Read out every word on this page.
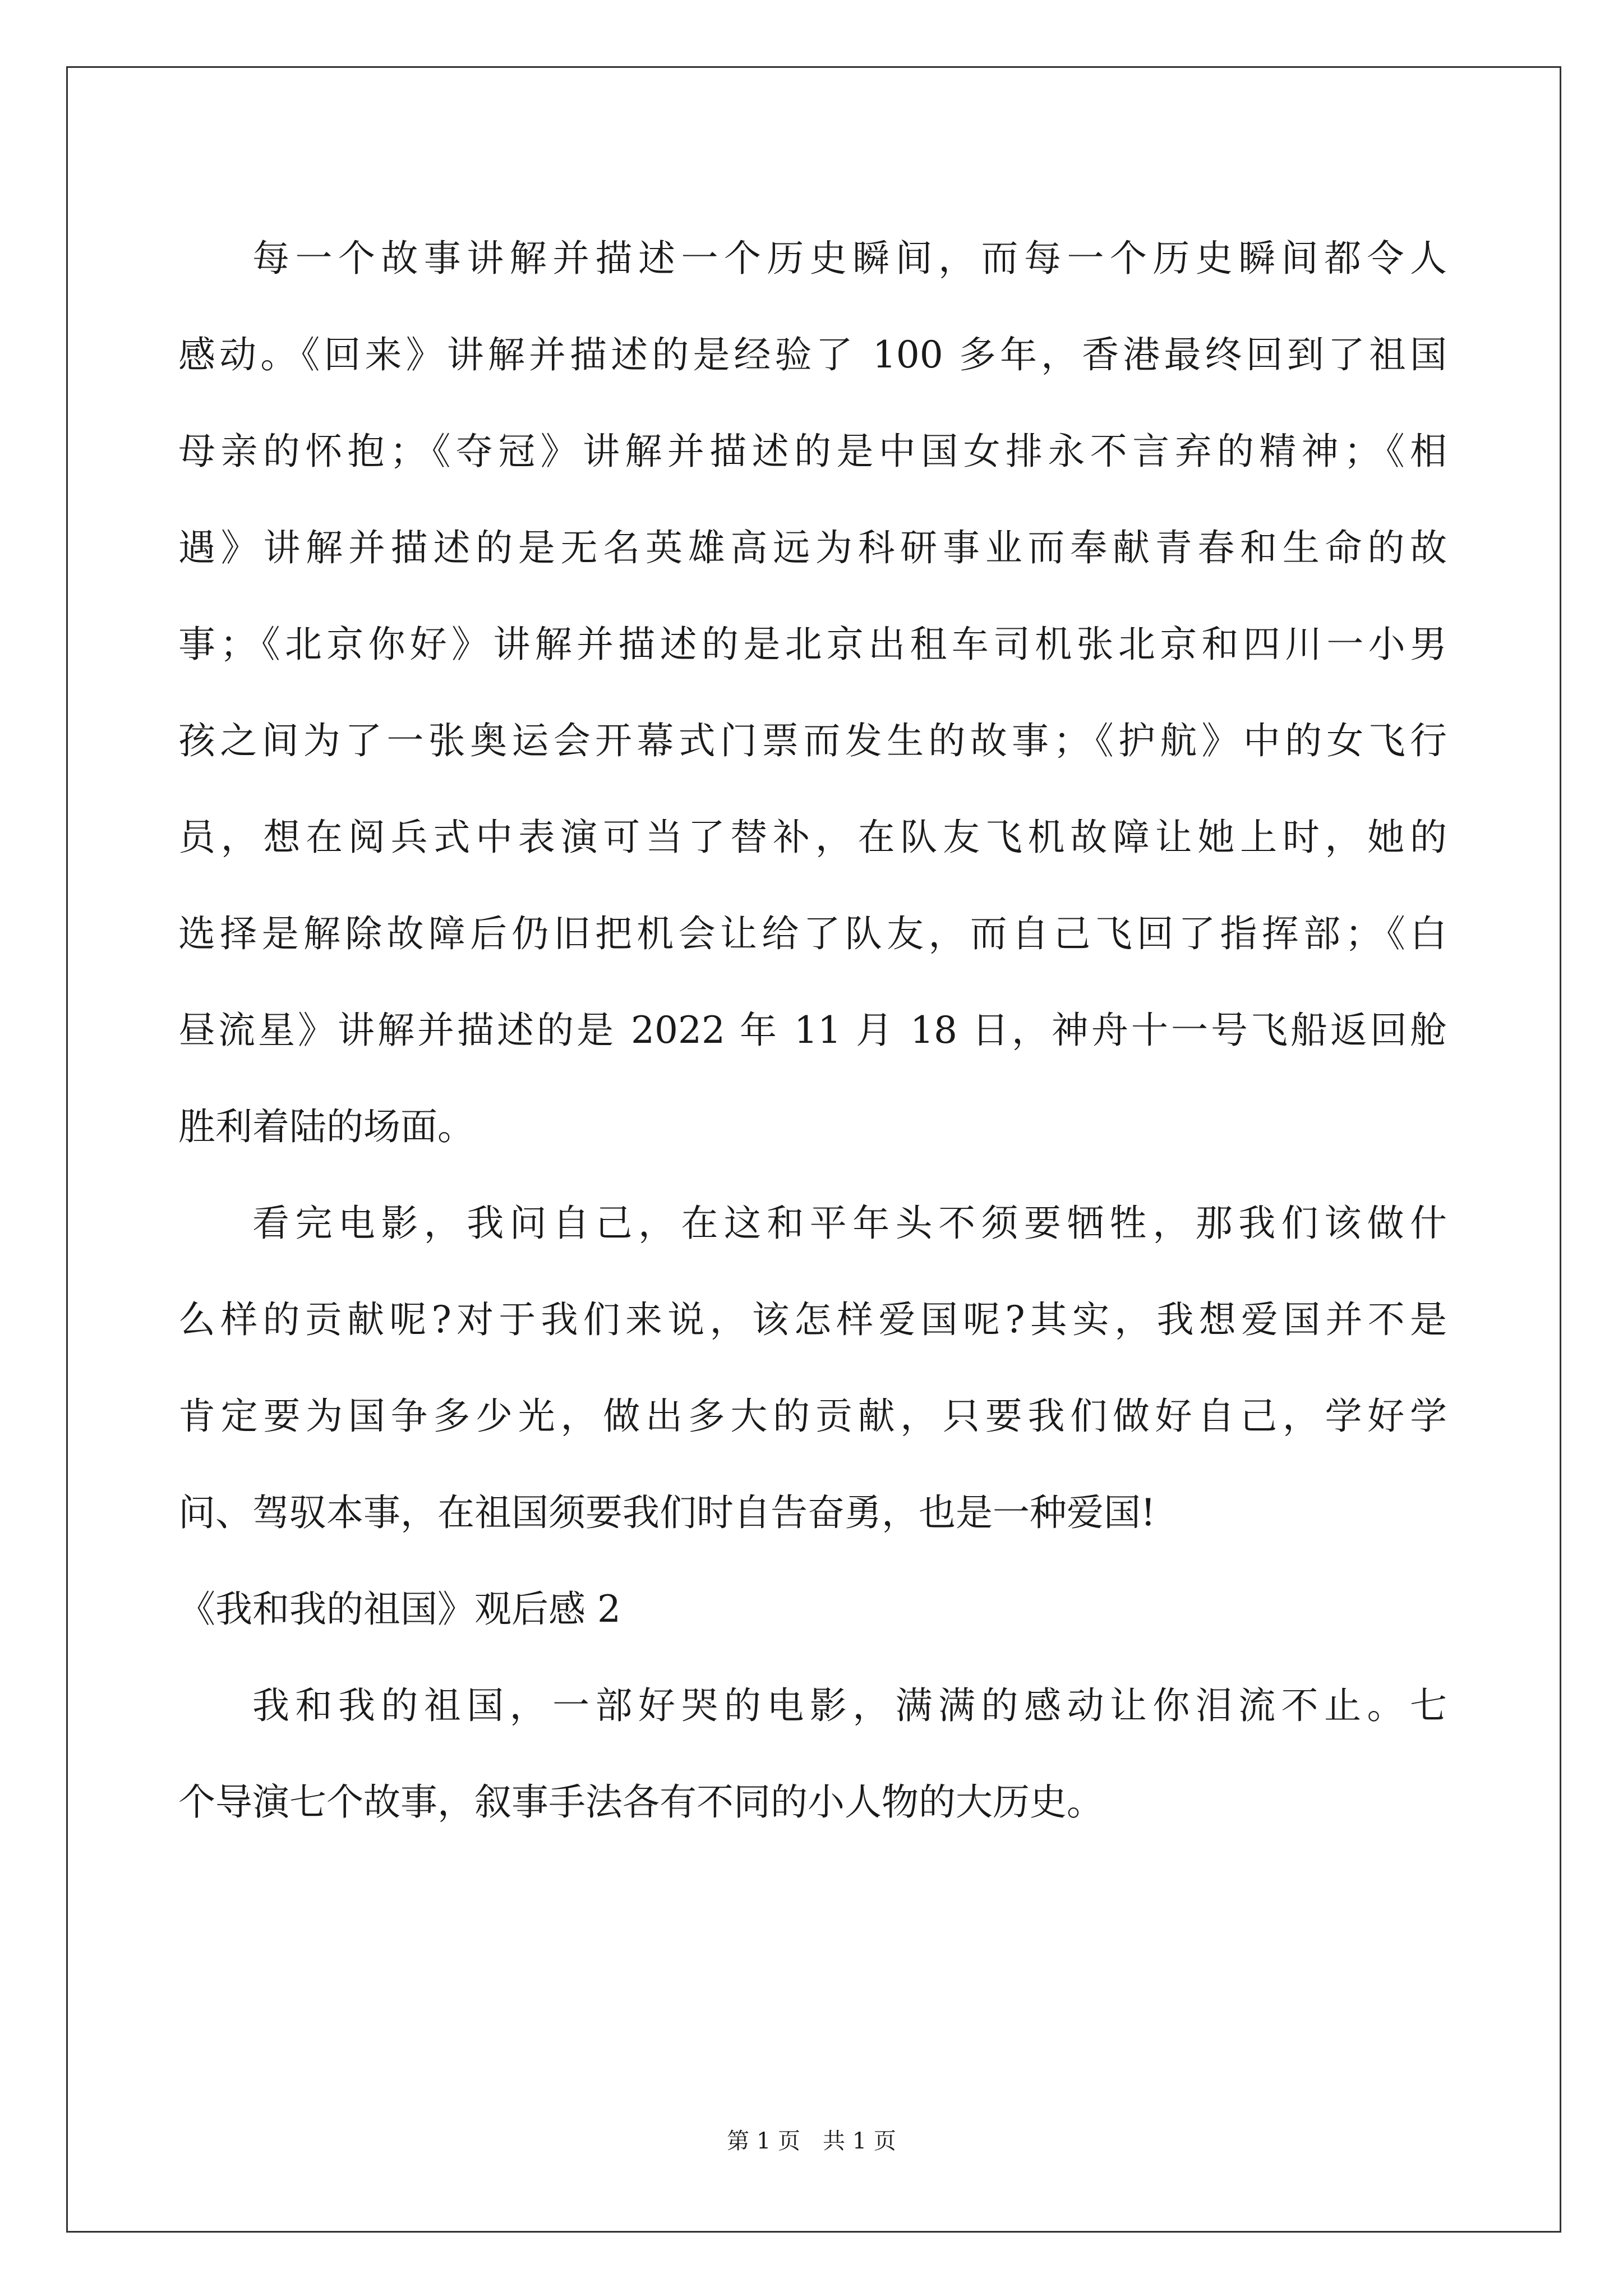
每一个故事讲解并描述一个历史瞬间，而每一个历史瞬间都令人
感动。《回来》讲解并描述的是经验了 100 多年，香港最终回到了祖国
母亲的怀抱；《夺冠》讲解并描述的是中国女排永不言弃的精神；《相
遇》讲解并描述的是无名英雄高远为科研事业而奉献青春和生命的故
事；《北京你好》讲解并描述的是北京出租车司机张北京和四川一小男
孩之间为了一张奥运会开幕式门票而发生的故事；《护航》中的女飞行
员，想在阅兵式中表演可当了替补，在队友飞机故障让她上时，她的
选择是解除故障后仍旧把机会让给了队友，而自己飞回了指挥部；《白
昼流星》讲解并描述的是 2022 年 11 月 18 日，神舟十一号飞船返回舱
胜利着陆的场面。
看完电影，我问自己，在这和平年头不须要牺牲，那我们该做什
么样的贡献呢?对于我们来说，该怎样爱国呢?其实，我想爱国并不是
肯定要为国争多少光，做出多大的贡献，只要我们做好自己，学好学
问、驾驭本事，在祖国须要我们时自告奋勇，也是一种爱国!
《我和我的祖国》观后感 2
我和我的祖国，一部好哭的电影，满满的感动让你泪流不止。七
个导演七个故事，叙事手法各有不同的小人物的大历史。
第 1 页　共 1 页
